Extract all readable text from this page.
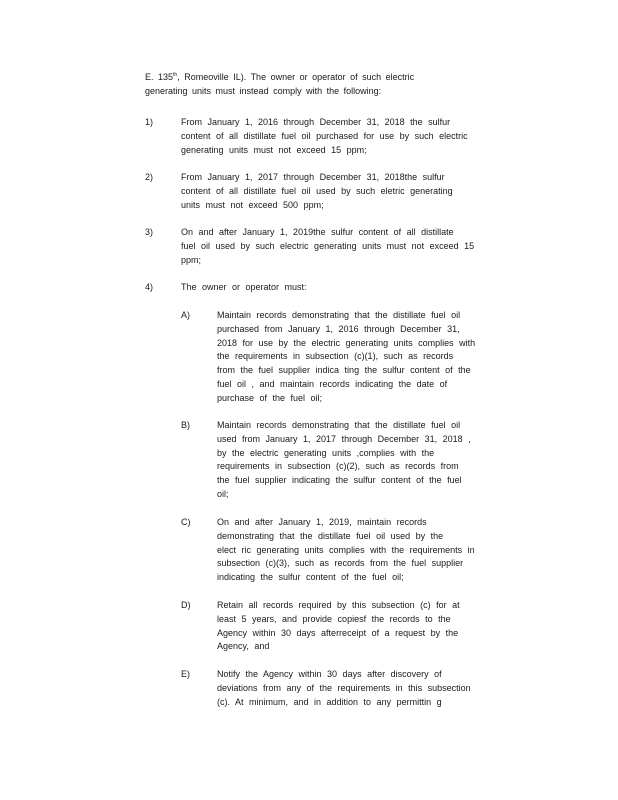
E. 135th, Romeoville IL). The owner or operator of such electric
generating units must instead comply with the following:
1)	From January 1, 2016 through December 31, 2018 the sulfur
content of all distillate fuel oil purchased for use by such electric
generating units must not exceed 15 ppm;
2)	From January 1, 2017 through December 31, 2018the sulfur
content of all distillate fuel oil used by such eletric generating
units must not exceed 500 ppm;
3)	On and after January 1, 2019the sulfur content of all distillate
fuel oil used by such electric generating units must not exceed 15
ppm;
4)	The owner or operator must:
A)	Maintain records demonstrating that the distillate fuel oil
purchased from January 1, 2016 through December 31,
2018 for use by the electric generating units complies with
the requirements in subsection (c)(1), such as records
from the fuel supplier indica ting the sulfur content of the
fuel oil , and maintain records indicating the date of
purchase of the fuel oil;
B)	Maintain records demonstrating that the distillate fuel oil
used from January 1, 2017 through December 31, 2018 ,
by the electric generating units ,complies with the
requirements in subsection (c)(2), such as records from
the fuel supplier indicating the sulfur content of the fuel
oil;
C)	On and after January 1, 2019, maintain records
demonstrating that the distillate fuel oil used by the
elect ric generating units complies with the requirements in
subsection (c)(3), such as records from the fuel supplier
indicating the sulfur content of the fuel oil;
D)	Retain all records required by this subsection (c) for at
least 5 years, and provide copiesf the records to the
Agency within 30 days afterreceipt of a request by the
Agency, and
E)	Notify the Agency within 30 days after discovery of
deviations from any of the requirements in this subsection
(c). At minimum, and in addition to any permittin g
